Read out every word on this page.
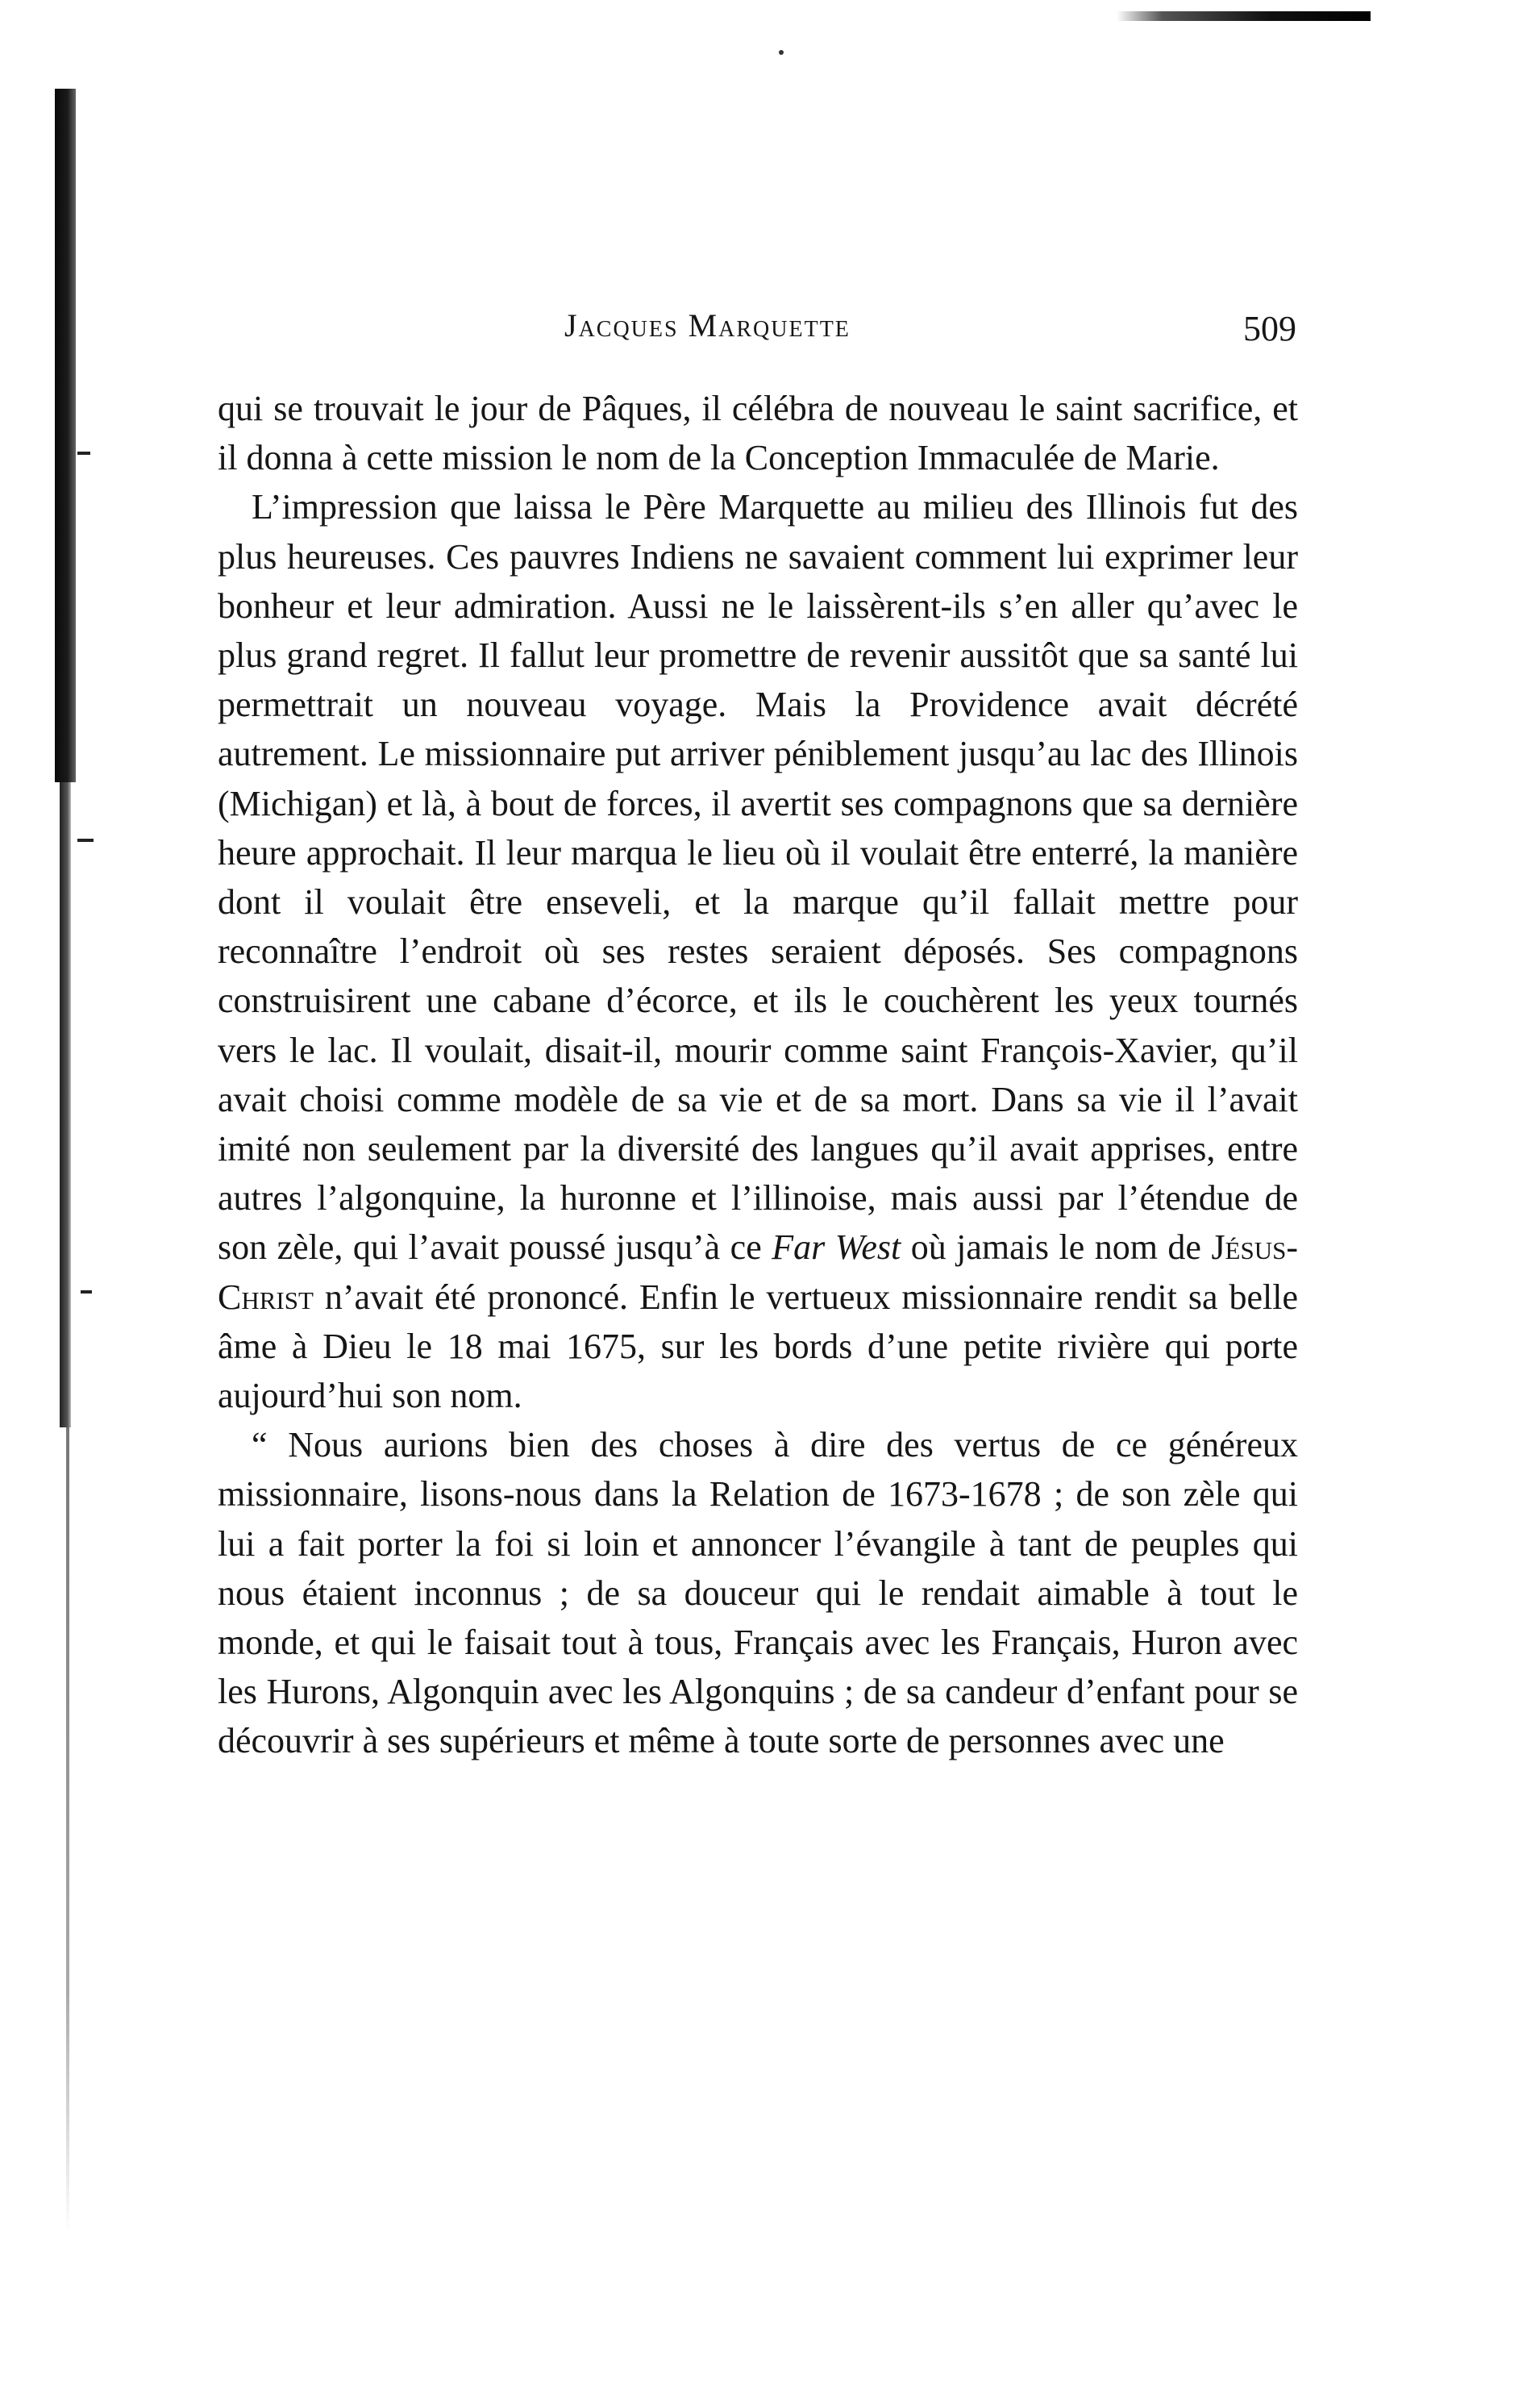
Jacques Marquette	509

qui se trouvait le jour de Pâques, il célébra de nouveau le saint sacrifice, et il donna à cette mission le nom de la Conception Immaculée de Marie.

L’impression que laissa le Père Marquette au milieu des Illinois fut des plus heureuses. Ces pauvres Indiens ne savaient comment lui exprimer leur bonheur et leur admiration. Aussi ne le laissèrent-ils s’en aller qu’avec le plus grand regret. Il fallut leur promettre de revenir aussitôt que sa santé lui permettrait un nouveau voyage. Mais la Providence avait décrété autrement. Le missionnaire put arriver péniblement jusqu’au lac des Illinois (Michigan) et là, à bout de forces, il avertit ses compagnons que sa dernière heure approchait. Il leur marqua le lieu où il voulait être enterré, la manière dont il voulait être enseveli, et la marque qu’il fallait mettre pour reconnaître l’endroit où ses restes seraient déposés. Ses compagnons construisirent une cabane d’écorce, et ils le couchèrent les yeux tournés vers le lac. Il voulait, disait-il, mourir comme saint François-Xavier, qu’il avait choisi comme modèle de sa vie et de sa mort. Dans sa vie il l’avait imité non seulement par la diversité des langues qu’il avait apprises, entre autres l’algonquine, la huronne et l’illinoise, mais aussi par l’étendue de son zèle, qui l’avait poussé jusqu’à ce Far West où jamais le nom de Jésus-Christ n’avait été prononcé. Enfin le vertueux missionnaire rendit sa belle âme à Dieu le 18 mai 1675, sur les bords d’une petite rivière qui porte aujourd’hui son nom.

“ Nous aurions bien des choses à dire des vertus de ce généreux missionnaire, lisons-nous dans la Relation de 1673-1678 ; de son zèle qui lui a fait porter la foi si loin et annoncer l’évangile à tant de peuples qui nous étaient inconnus ; de sa douceur qui le rendait aimable à tout le monde, et qui le faisait tout à tous, Français avec les Français, Huron avec les Hurons, Algonquin avec les Algonquins ; de sa candeur d’enfant pour se découvrir à ses supérieurs et même à toute sorte de personnes avec une
